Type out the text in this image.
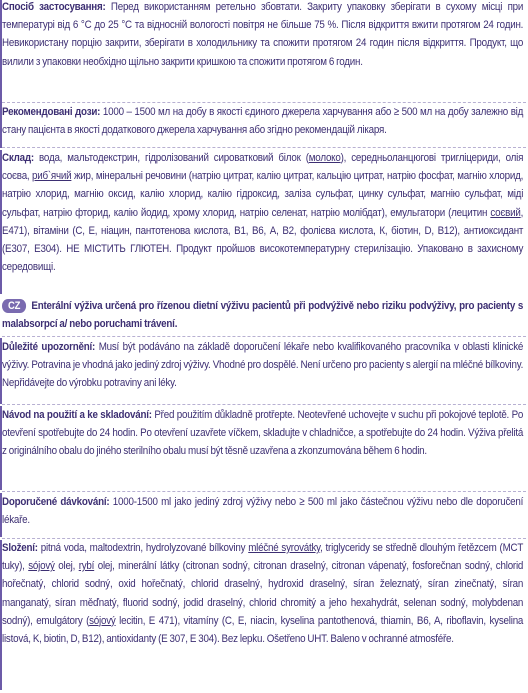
Спосіб застосування: Перед використанням ретельно збовтати. Закриту упаковку зберігати в сухому місці при температурі від 6 °С до 25 °С та відносній вологості повітря не більше 75 %. Після відкриття вжити протягом 24 годин. Невикористану порцію закрити, зберігати в холодильнику та спожити протягом 24 годин після відкриття. Продукт, що вилили з упаковки необхідно щільно закрити кришкою та спожити протягом 6 годин.
Рекомендовані дози: 1000 – 1500 мл на добу в якості єдиного джерела харчування або ≥ 500 мл на добу залежно від стану пацієнта в якості додаткового джерела харчування або згідно рекомендацій лікаря.
Склад: вода, мальтодекстрин, гідролізований сироватковий білок (молоко), середньоланцюгові тригліцериди, олія соєва, риб`ячий жир, мінеральні речовини (натрію цитрат, калію цитрат, кальцію цитрат, натрію фосфат, магнію хлорид, натрію хлорид, магнію оксид, калію хлорид, калію гідроксид, заліза сульфат, цинку сульфат, магнію сульфат, міді сульфат, натрію фторид, калію йодид, хрому хлорид, натрію селенат, натрію молібдат), емульгатори (лецитин соєвий, E471), вітаміни (С, Е, ніацин, пантотенова кислота, В1, В6, А, В2, фолієва кислота, К, біотин, D, В12), антиоксидант (E307, E304). НЕ МІСТИТЬ ГЛЮТЕН. Продукт пройшов високотемпературну стерилізацію. Упаковано в захисному середовищі.
CZ Enterální výživa určená pro řízenou dietní výživu pacientů při podvýživě nebo riziku podvýživy, pro pacienty s malabsorpcí a/ nebo poruchami trávení.
Důležité upozornění: Musí být podáváno na základě doporučení lékaře nebo kvalifikovaného pracovníka v oblasti klinické výživy. Potravina je vhodná jako jediný zdroj výživy. Vhodné pro dospělé. Není určeno pro pacienty s alergií na mléčné bílkoviny. Nepřidávejte do výrobku potraviny ani léky.
Návod na použití a ke skladování: Před použitím důkladně protřepte. Neotevřené uchovejte v suchu při pokojové teplotě. Po otevření spotřebujte do 24 hodin. Po otevření uzavřete víčkem, skladujte v chladničce, a spotřebujte do 24 hodin. Výživa přelitá z originálního obalu do jiného sterilního obalu musí být těsně uzavřena a zkonzumována během 6 hodin.
Doporučené dávkování: 1000-1500 ml jako jediný zdroj výživy nebo ≥ 500 ml jako částečnou výživu nebo dle doporučení lékaře.
Složení: pitná voda, maltodextrin, hydrolyzované bílkoviny mléčné syrovátky, triglyceridy se středně dlouhým řetězcem (MCT tuky), sójový olej, rybí olej, minerální látky (citronan sodný, citronan draselný, citronan vápenatý, fosforečnan sodný, chlorid hořečnatý, chlorid sodný, oxid hořečnatý, chlorid draselný, hydroxid draselný, síran železnatý, síran zinečnatý, síran manganatý, síran měďnatý, fluorid sodný, jodid draselný, chlorid chromitý a jeho hexahydrát, selenan sodný, molybdenan sodný), emulgátory (sójový lecitin, E 471), vitamíny (C, E, niacin, kyselina pantothenová, thiamin, B6, A, riboflavin, kyselina listová, K, biotin, D, B12), antioxidanty (E 307, E 304). Bez lepku. Ošetřeno UHT. Baleno v ochranné atmosféře.
